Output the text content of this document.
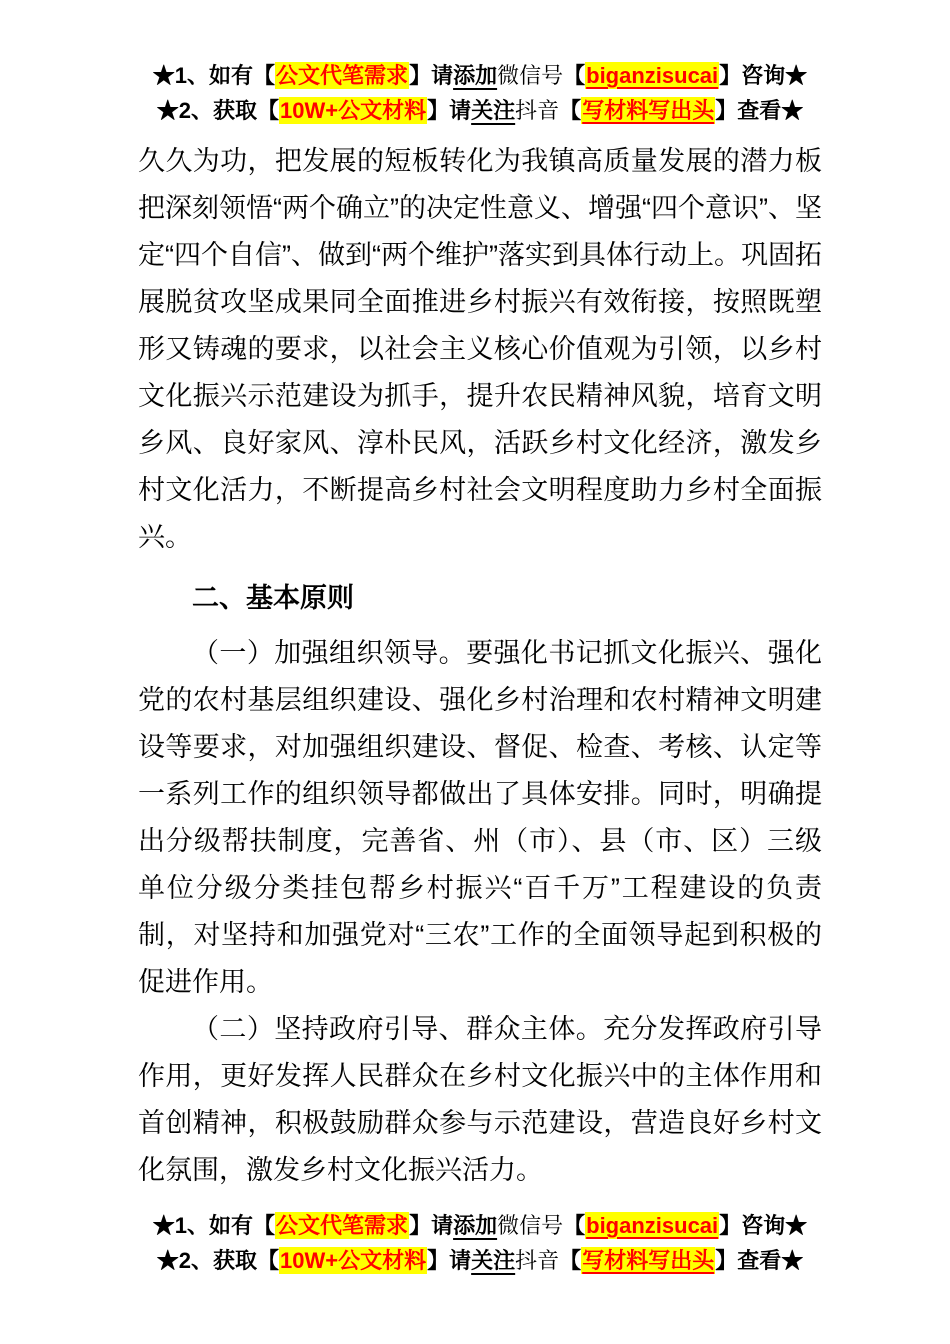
★1、如有【公文代笔需求】请添加微信号【biganzisucai】咨询★
★2、获取【10W+公文材料】请关注抖音【写材料写出头】查看★

久久为功，把发展的短板转化为我镇高质量发展的潜力板把深刻领悟“两个确立”的决定性意义、增强“四个意识”、坚定“四个自信”、做到“两个维护”落实到具体行动上。巩固拓展脱贫攻坚成果同全面推进乡村振兴有效衔接，按照既塑形又铸魂的要求，以社会主义核心价值观为引领，以乡村文化振兴示范建设为抓手，提升农民精神风貌，培育文明乡风、良好家风、淳朴民风，活跃乡村文化经济，激发乡村文化活力，不断提高乡村社会文明程度助力乡村全面振兴。

二、基本原则

（一）加强组织领导。要强化书记抓文化振兴、强化党的农村基层组织建设、强化乡村治理和农村精神文明建设等要求，对加强组织建设、督促、检查、考核、认定等一系列工作的组织领导都做出了具体安排。同时，明确提出分级帮扶制度，完善省、州（市）、县（市、区）三级单位分级分类挂包帮乡村振兴“百千万”工程建设的负责制，对坚持和加强党对“三农”工作的全面领导起到积极的促进作用。

（二）坚持政府引导、群众主体。充分发挥政府引导作用，更好发挥人民群众在乡村文化振兴中的主体作用和首创精神，积极鼓励群众参与示范建设，营造良好乡村文化氛围，激发乡村文化振兴活力。

★1、如有【公文代笔需求】请添加微信号【biganzisucai】咨询★
★2、获取【10W+公文材料】请关注抖音【写材料写出头】查看★
